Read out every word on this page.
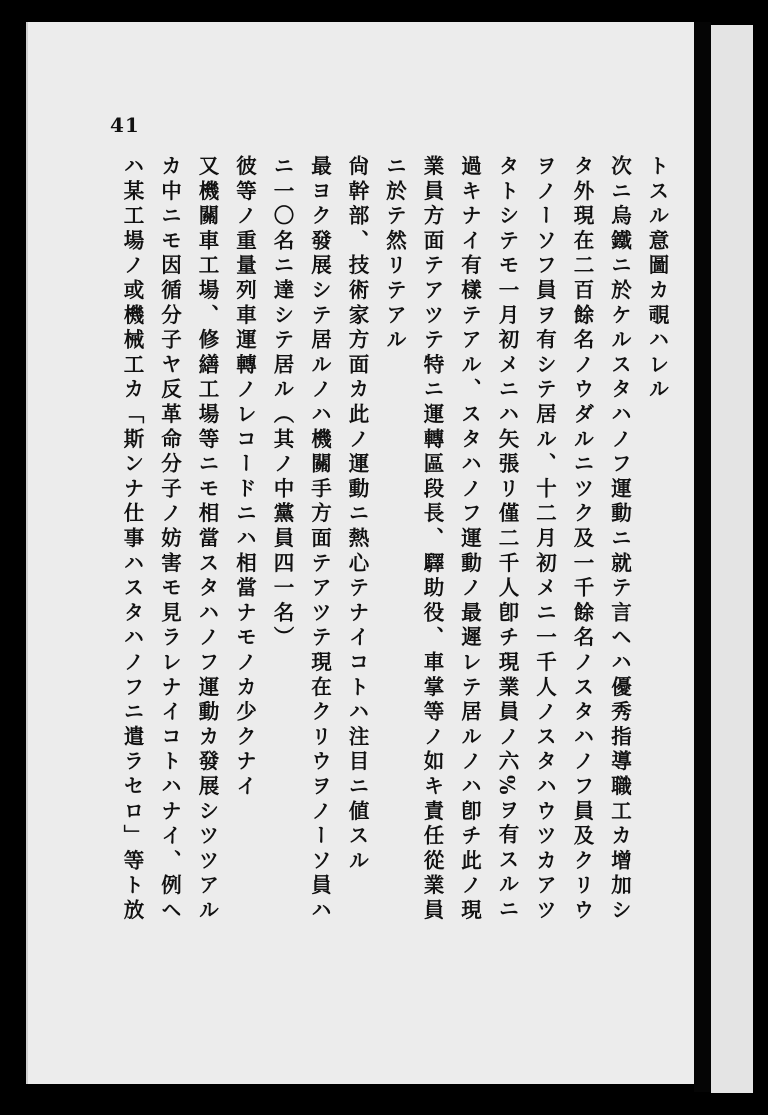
41
トスル意圖カ覗ハレル
次ニ烏鐵ニ於ケルスタハノフ運動ニ就テ言ヘハ優秀指導職工カ增加シ
タ外現在二百餘名ノウダルニツク及一千餘名ノスタハノフ員及クリウ
ヲノーソフ員ヲ有シテ居ル、十二月初メニ一千人ノスタハウツカアツ
タトシテモ一月初メニハ矢張リ僅二千人卽チ現業員ノ六%ヲ有スルニ
過キナイ有樣テアル、スタハノフ運動ノ最遲レテ居ルノハ卽チ此ノ現
業員方面テアツテ特ニ運轉區段長、驛助役、車掌等ノ如キ責任從業員
ニ於テ然リテアル
尙幹部、技術家方面カ此ノ運動ニ熱心テナイコトハ注目ニ値スル
最ヨク發展シテ居ルノハ機關手方面テアツテ現在クリウヲノーソ員ハ
ニ一〇名ニ達シテ居ル（其ノ中黨員四一名）
彼等ノ重量列車運轉ノレコードニハ相當ナモノカ少クナイ
又機關車工場、修繕工場等ニモ相當スタハノフ運動カ發展シツツアル
カ中ニモ因循分子ヤ反革命分子ノ妨害モ見ラレナイコトハナイ、例ヘ
ハ某工場ノ或機械工カ「斯ンナ仕事ハスタハノフニ遣ラセロ」等ト放
